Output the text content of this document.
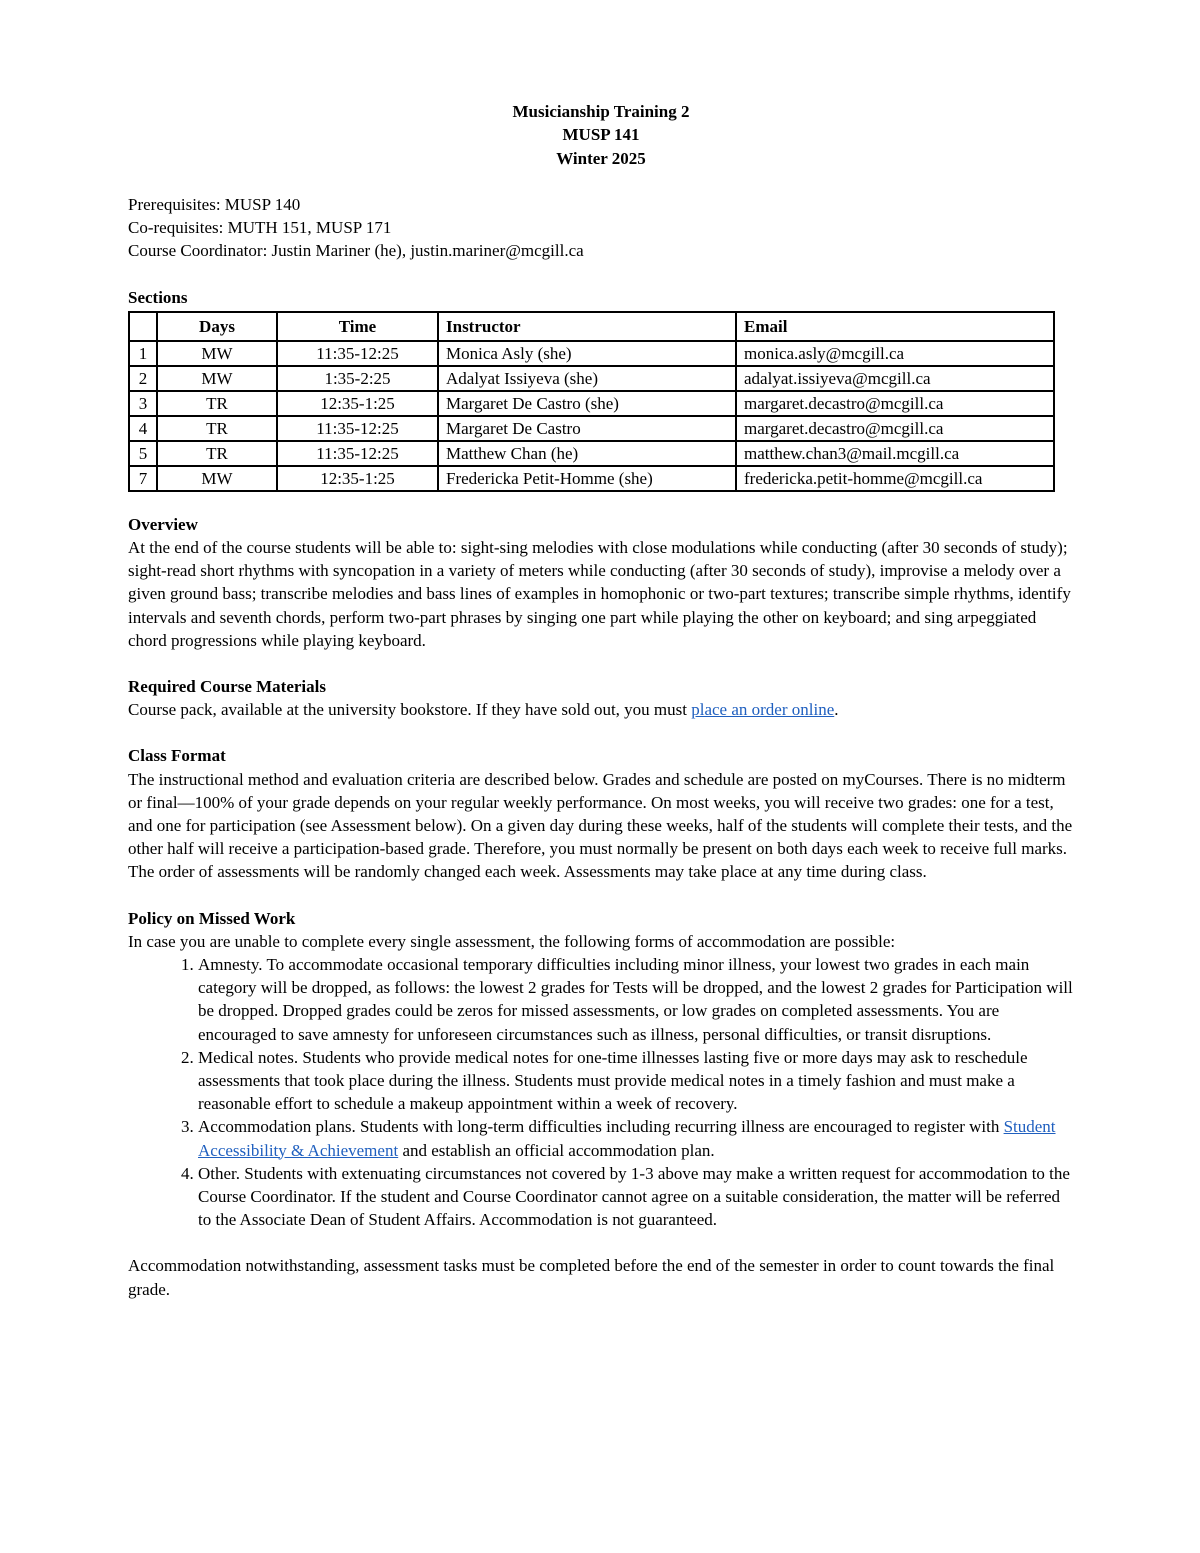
Musicianship Training 2
MUSP 141
Winter 2025
Prerequisites: MUSP 140
Co-requisites: MUTH 151, MUSP 171
Course Coordinator: Justin Mariner (he), justin.mariner@mcgill.ca
Sections
	Days	Time	Instructor	Email
1	MW	11:35-12:25	Monica Asly (she)	monica.asly@mcgill.ca
2	MW	1:35-2:25	Adalyat Issiyeva (she)	adalyat.issiyeva@mcgill.ca
3	TR	12:35-1:25	Margaret De Castro (she)	margaret.decastro@mcgill.ca
4	TR	11:35-12:25	Margaret De Castro	margaret.decastro@mcgill.ca
5	TR	11:35-12:25	Matthew Chan (he)	matthew.chan3@mail.mcgill.ca
7	MW	12:35-1:25	Fredericka Petit-Homme (she)	fredericka.petit-homme@mcgill.ca
Overview

At the end of the course students will be able to: sight-sing melodies with close modulations while conducting (after 30 seconds of study); sight-read short rhythms with syncopation in a variety of meters while conducting (after 30 seconds of study), improvise a melody over a given ground bass; transcribe melodies and bass lines of examples in homophonic or two-part textures; transcribe simple rhythms, identify intervals and seventh chords, perform two-part phrases by singing one part while playing the other on keyboard; and sing arpeggiated chord progressions while playing keyboard.

Required Course Materials

Course pack, available at the university bookstore. If they have sold out, you must place an order online.

Class Format

The instructional method and evaluation criteria are described below. Grades and schedule are posted on myCourses. There is no midterm or final—100% of your grade depends on your regular weekly performance. On most weeks, you will receive two grades: one for a test, and one for participation (see Assessment below). On a given day during these weeks, half of the students will complete their tests, and the other half will receive a participation-based grade. Therefore, you must normally be present on both days each week to receive full marks. The order of assessments will be randomly changed each week. Assessments may take place at any time during class.

Policy on Missed Work

In case you are unable to complete every single assessment, the following forms of accommodation are possible:

1. Amnesty. To accommodate occasional temporary difficulties including minor illness, your lowest two grades in each main category will be dropped, as follows: the lowest 2 grades for Tests will be dropped, and the lowest 2 grades for Participation will be dropped. Dropped grades could be zeros for missed assessments, or low grades on completed assessments. You are encouraged to save amnesty for unforeseen circumstances such as illness, personal difficulties, or transit disruptions.
2. Medical notes. Students who provide medical notes for one-time illnesses lasting five or more days may ask to reschedule assessments that took place during the illness. Students must provide medical notes in a timely fashion and must make a reasonable effort to schedule a makeup appointment within a week of recovery.
3. Accommodation plans. Students with long-term difficulties including recurring illness are encouraged to register with Student Accessibility & Achievement and establish an official accommodation plan.
4. Other. Students with extenuating circumstances not covered by 1-3 above may make a written request for accommodation to the Course Coordinator. If the student and Course Coordinator cannot agree on a suitable consideration, the matter will be referred to the Associate Dean of Student Affairs. Accommodation is not guaranteed.

Accommodation notwithstanding, assessment tasks must be completed before the end of the semester in order to count towards the final grade.
